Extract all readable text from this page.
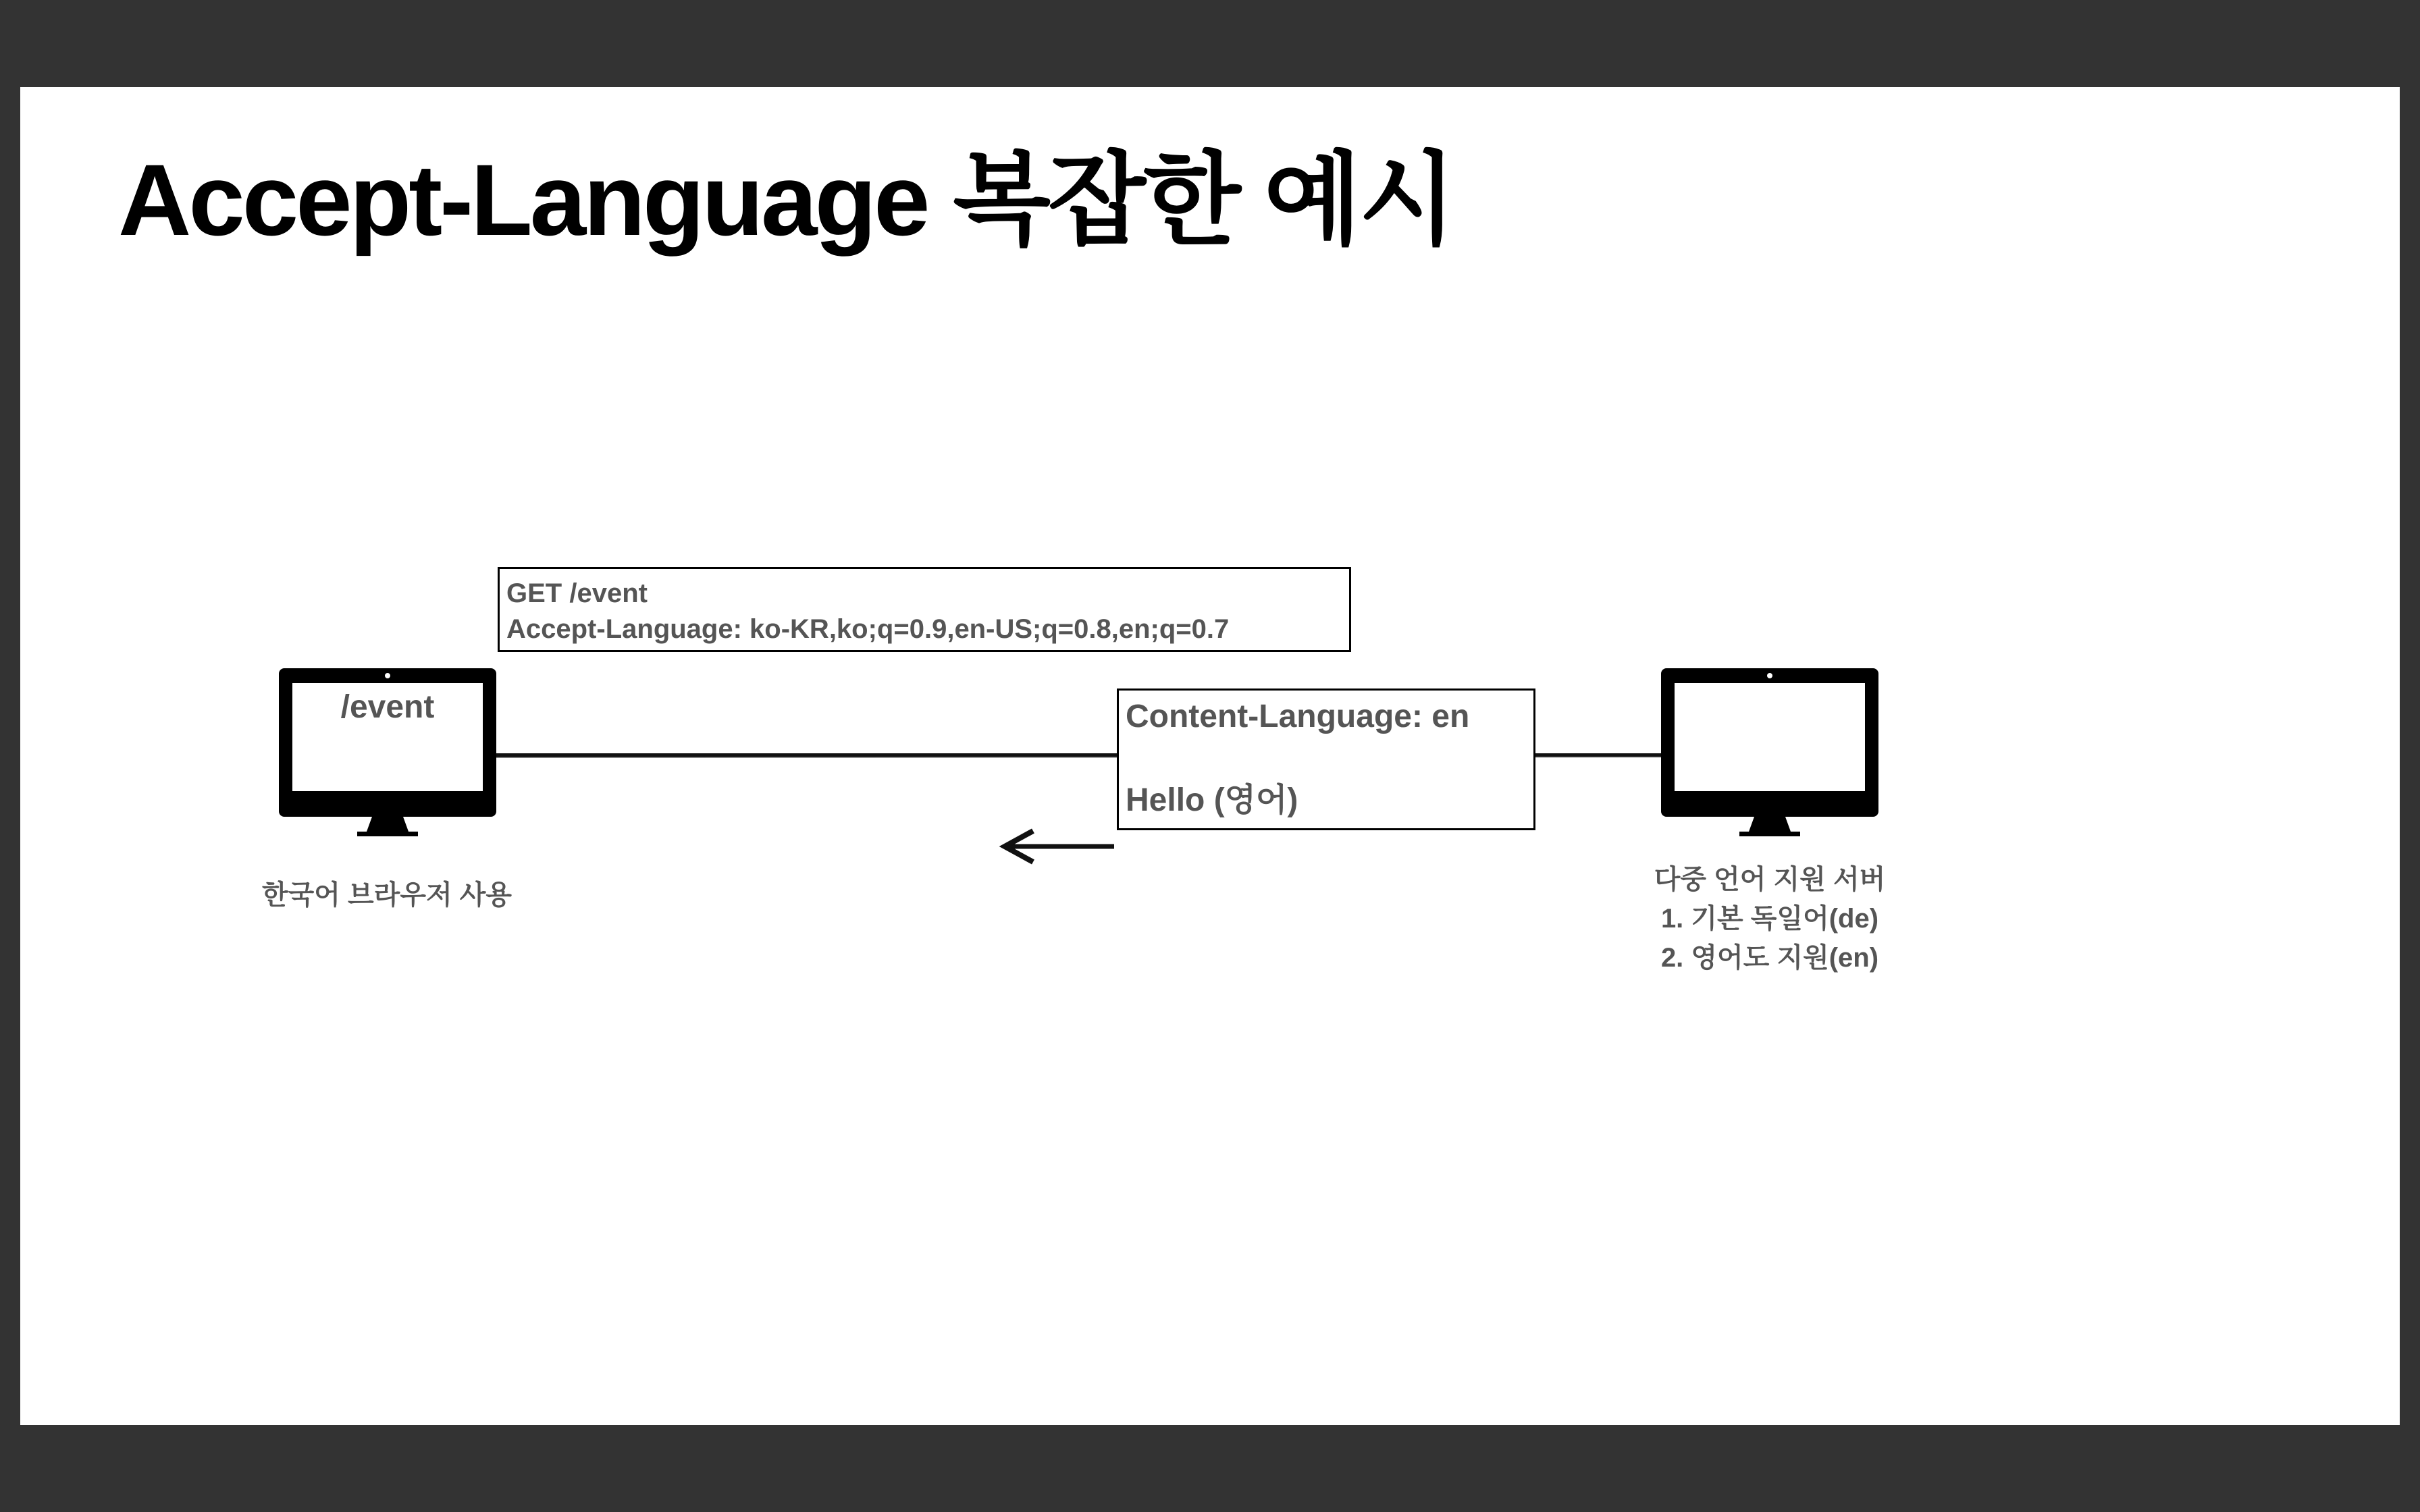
Accept-Language 복잡한 예시
/event
한국어 브라우저 사용
다중 언어 지원 서버
1. 기본 독일어(de)
2. 영어도 지원(en)
GET /event
Accept-Language: ko-KR,ko;q=0.9,en-US;q=0.8,en;q=0.7
Content-Language: en
Hello (영어)
